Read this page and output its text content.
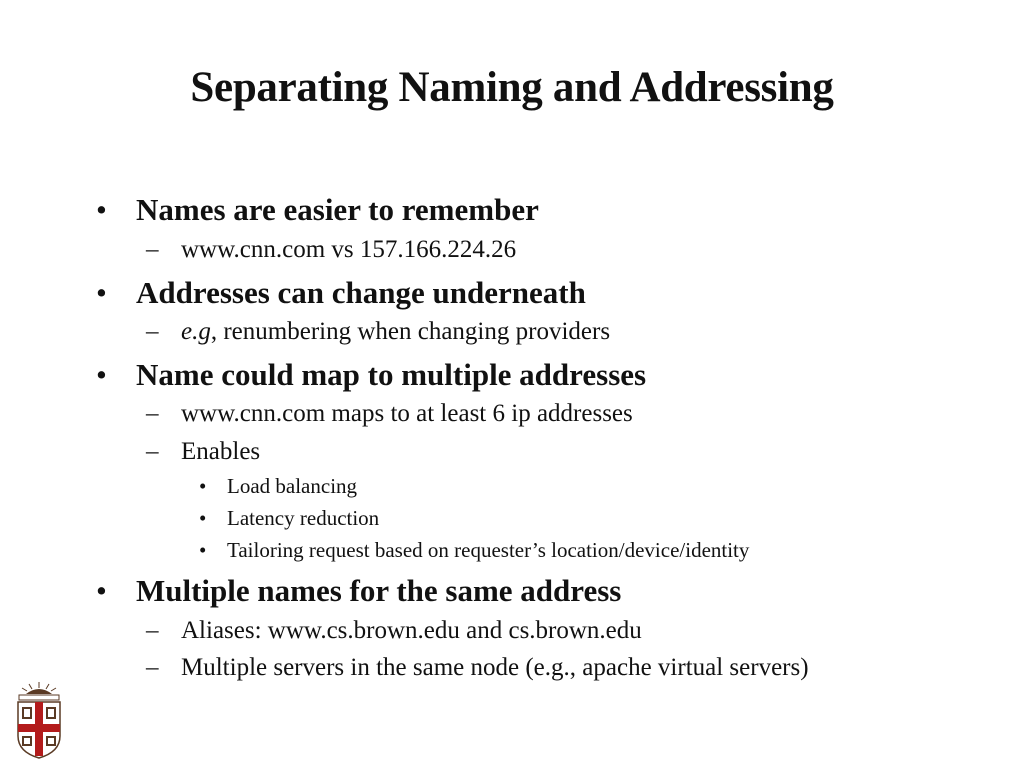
Separating Naming and Addressing
• Names are easier to remember
– www.cnn.com vs 157.166.224.26
• Addresses can change underneath
– e.g, renumbering when changing providers
• Name could map to multiple addresses
– www.cnn.com maps to at least 6 ip addresses
– Enables
• Load balancing
• Latency reduction
• Tailoring request based on requester’s location/device/identity
• Multiple names for the same address
– Aliases: www.cs.brown.edu and cs.brown.edu
– Multiple servers in the same node (e.g., apache virtual servers)
